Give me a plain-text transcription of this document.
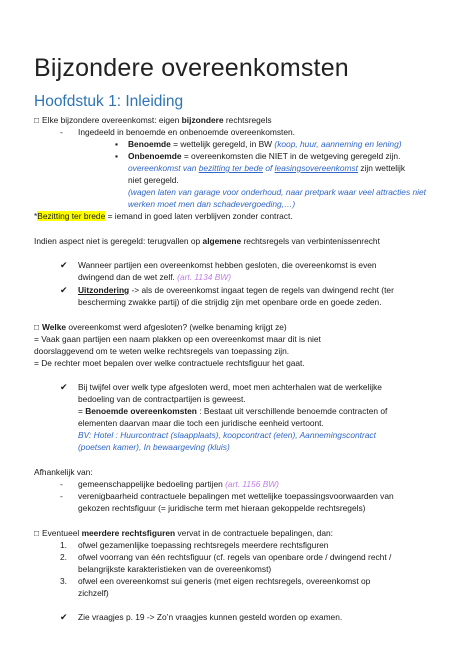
Bijzondere overeenkomsten
Hoofdstuk 1: Inleiding
□ Elke bijzondere overeenkomst: eigen bijzondere rechtsregels
- Ingedeeld in benoemde en onbenoemde overeenkomsten.
▪ Benoemde = wettelijk geregeld, in BW (koop, huur, aanneming en lening)
▪ Onbenoemde = overeenkomsten die NIET in de wetgeving geregeld zijn.
overeenkomst van bezitting ter bede of leasingsovereenkomst zijn wettelijk
niet geregeld.
(wagen laten van garage voor onderhoud, naar pretpark waar veel attracties niet
werken moet men dan schadevergoeding,…)
*Bezitting ter brede = iemand in goed laten verblijven zonder contract.
Indien aspect niet is geregeld: terugvallen op algemene rechtsregels van verbintenissenrecht
✔ Wanneer partijen een overeenkomst hebben gesloten, die overeenkomst is even
dwingend dan de wet zelf. (art. 1134 BW)
✔ Uitzondering -> als de overeenkomst ingaat tegen de regels van dwingend recht (ter
bescherming zwakke partij) of die strijdig zijn met openbare orde en goede zeden.
□ Welke overeenkomst werd afgesloten? (welke benaming krijgt ze)
= Vaak gaan partijen een naam plakken op een overeenkomst maar dit is niet
doorslaggevend om te weten welke rechtsregels van toepassing zijn.
= De rechter moet bepalen over welke contractuele rechtsfiguur het gaat.
✔ Bij twijfel over welk type afgesloten werd, moet men achterhalen wat de werkelijke
bedoeling van de contractpartijen is geweest.
= Benoemde overeenkomsten : Bestaat uit verschillende benoemde contracten of
elementen daarvan maar die toch een juridische eenheid vertoont.
BV: Hotel : Huurcontract (slaapplaats), koopcontract (eten), Aannemingscontract
(poetsen kamer), In bewaargeving (kluis)
Afhankelijk van:
- gemeenschappelijke bedoeling partijen (art. 1156 BW)
- verenigbaarheid contractuele bepalingen met wettelijke toepassingsvoorwaarden van
gekozen rechtsfiguur (= juridische term met hieraan gekoppelde rechtsregels)
□ Eventueel meerdere rechtsfiguren vervat in de contractuele bepalingen, dan:
1. ofwel gezamenlijke toepassing rechtsregels meerdere rechtsfiguren
2. ofwel voorrang van één rechtsfiguur (cf. regels van openbare orde / dwingend recht /
belangrijkste karakteristieken van de overeenkomst)
3. ofwel een overeenkomst sui generis (met eigen rechtsregels, overeenkomst op
zichzelf)
✔ Zie vraagjes p. 19 -> Zo’n vraagjes kunnen gesteld worden op examen.
